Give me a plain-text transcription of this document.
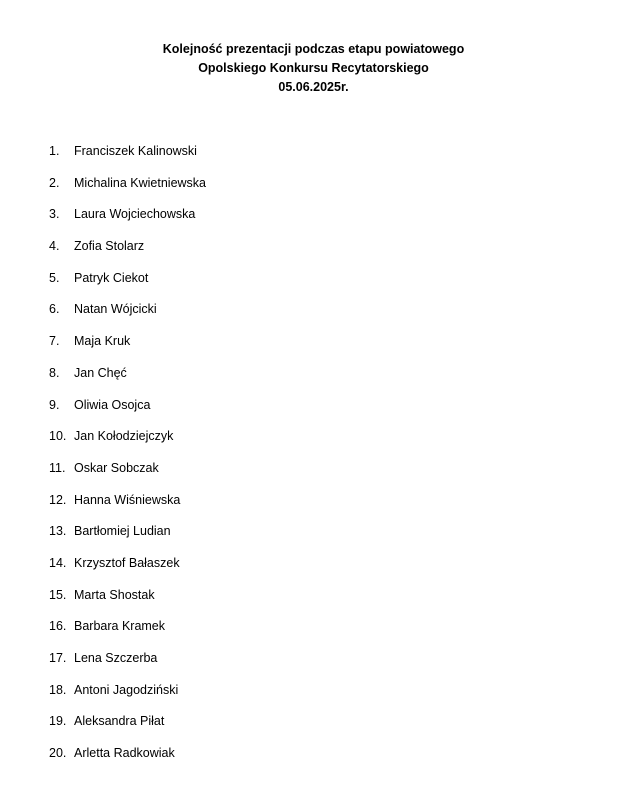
Kolejność prezentacji podczas etapu powiatowego
Opolskiego Konkursu Recytatorskiego
05.06.2025r.
1. Franciszek Kalinowski
2. Michalina Kwietniewska
3. Laura Wojciechowska
4. Zofia Stolarz
5. Patryk Ciekot
6. Natan Wójcicki
7. Maja Kruk
8. Jan Chęć
9. Oliwia Osojca
10. Jan Kołodziejczyk
11. Oskar Sobczak
12. Hanna Wiśniewska
13. Bartłomiej Ludian
14. Krzysztof Bałaszek
15. Marta Shostak
16. Barbara Kramek
17. Lena Szczerba
18. Antoni Jagodziński
19. Aleksandra Piłat
20. Arletta Radkowiak
